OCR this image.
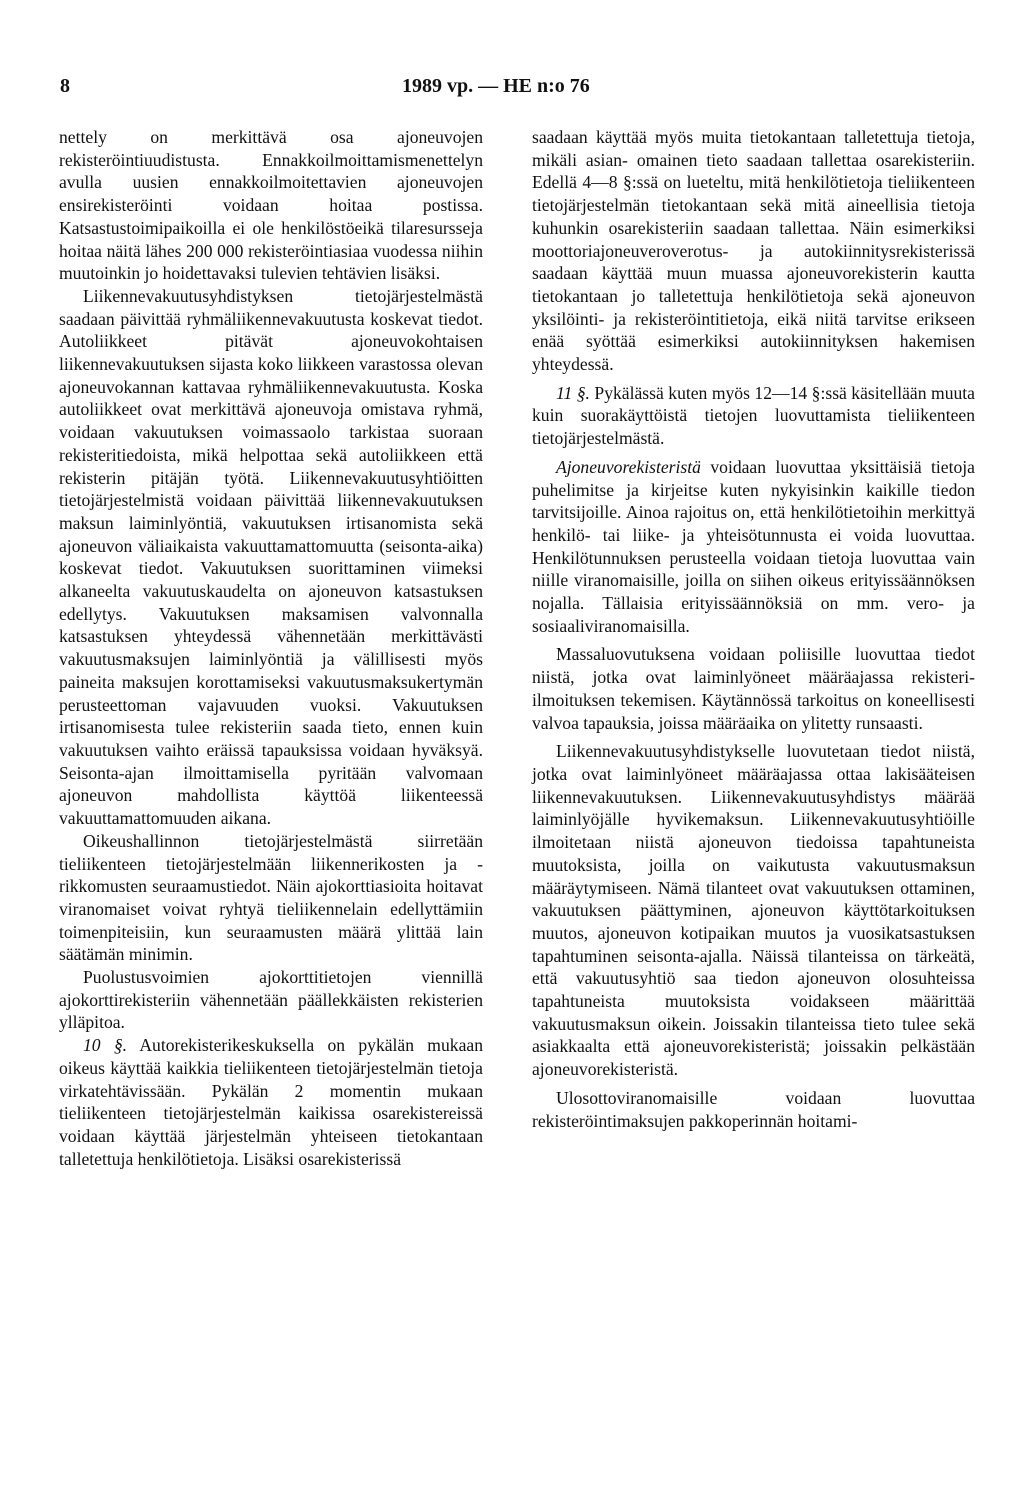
8	1989 vp. — HE n:o 76

nettely on merkittävä osa ajoneuvojen rekisteröintiuudistusta. Ennakkoilmoittamismenettelyn avulla uusien ennakkoilmoitettavien ajoneuvojen ensirekisteröinti voidaan hoitaa postissa. Katsastustoimipaikoilla ei ole henkilöstöeikä tilaresursseja hoitaa näitä lähes 200 000 rekisteröintiasiaa vuodessa niihin muutoinkin jo hoidettavaksi tulevien tehtävien lisäksi.

Liikennevakuutusyhdistyksen tietojärjestelmästä saadaan päivittää ryhmäliikennevakuutusta koskevat tiedot. Autoliikkeet pitävät ajoneuvokohtaisen liikennevakuutuksen sijasta koko liikkeen varastossa olevan ajoneuvokannan kattavaa ryhmäliikennevakuutusta. Koska autoliikkeet ovat merkittävä ajoneuvoja omistava ryhmä, voidaan vakuutuksen voimassaolo tarkistaa suoraan rekisteritiedoista, mikä helpottaa sekä autoliikkeen että rekisterin pitäjän työtä. Liikennevakuutusyhtiöitten tietojärjestelmistä voidaan päivittää liikennevakuutuksen maksun laiminlyöntiä, vakuutuksen irtisanomista sekä ajoneuvon väliaikaista vakuuttamattomuutta (seisonta-aika) koskevat tiedot. Vakuutuksen suorittaminen viimeksi alkaneelta vakuutuskaudelta on ajoneuvon katsastuksen edellytys. Vakuutuksen maksamisen valvonnalla katsastuksen yhteydessä vähennetään merkittävästi vakuutusmaksujen laiminlyöntiä ja välillisesti myös paineita maksujen korottamiseksi vakuutusmaksukertymän perusteettoman vajavuuden vuoksi. Vakuutuksen irtisanomisesta tulee rekisteriin saada tieto, ennen kuin vakuutuksen vaihto eräissä tapauksissa voidaan hyväksyä. Seisonta-ajan ilmoittamisella pyritään valvomaan ajoneuvon mahdollista käyttöä liikenteessä vakuuttamattomuuden aikana.

Oikeushallinnon tietojärjestelmästä siirretään tieliikenteen tietojärjestelmään liikennerikosten ja -rikkomusten seuraamustiedot. Näin ajokorttiasioita hoitavat viranomaiset voivat ryhtyä tieliikennelain edellyttämiin toimenpiteisiin, kun seuraamusten määrä ylittää lain säätämän minimin.

Puolustusvoimien ajokorttitietojen viennillä ajokorttirekisteriin vähennetään päällekkäisten rekisterien ylläpitoa.

10 §. Autorekisterikeskuksella on pykälän mukaan oikeus käyttää kaikkia tieliikenteen tietojärjestelmän tietoja virkatehtävissään. Pykälän 2 momentin mukaan tieliikenteen tietojärjestelmän kaikissa osarekistereissä voidaan käyttää järjestelmän yhteiseen tietokantaan talletettuja henkilötietoja. Lisäksi osarekisterissä

saadaan käyttää myös muita tietokantaan talletettuja tietoja, mikäli asian- omainen tieto saadaan tallettaa osarekisteriin. Edellä 4—8 §:ssä on lueteltu, mitä henkilötietoja tieliikenteen tietojärjestelmän tietokantaan sekä mitä aineellisia tietoja kuhunkin osarekisteriin saadaan tallettaa. Näin esimerkiksi moottoriajoneuveroverotus- ja autokiinnitysrekisterissä saadaan käyttää muun muassa ajoneuvorekisterin kautta tietokantaan jo talletettuja henkilötietoja sekä ajoneuvon yksilöinti- ja rekisteröintitietoja, eikä niitä tarvitse erikseen enää syöttää esimerkiksi autokiinnityksen hakemisen yhteydessä.

11 §. Pykälässä kuten myös 12—14 §:ssä käsitellään muuta kuin suorakäyttöistä tietojen luovuttamista tieliikenteen tietojärjestelmästä.

Ajoneuvorekisteristä voidaan luovuttaa yksittäisiä tietoja puhelimitse ja kirjeitse kuten nykyisinkin kaikille tiedon tarvitsijoille. Ainoa rajoitus on, että henkilötietoihin merkittyä henkilö- tai liike- ja yhteisötunnusta ei voida luovuttaa. Henkilötunnuksen perusteella voidaan tietoja luovuttaa vain niille viranomaisille, joilla on siihen oikeus erityissäännöksen nojalla. Tällaisia erityissäännöksiä on mm. vero- ja sosiaaliviranomaisilla.

Massaluovutuksena voidaan poliisille luovuttaa tiedot niistä, jotka ovat laiminlyöneet määräajassa rekisteri-ilmoituksen tekemisen. Käytännössä tarkoitus on koneellisesti valvoa tapauksia, joissa määräaika on ylitetty runsaasti.

Liikennevakuutusyhdistykselle luovutetaan tiedot niistä, jotka ovat laiminlyöneet määräajassa ottaa lakisääteisen liikennevakuutuksen. Liikennevakuutusyhdistys määrää laiminlyöjälle hyvikemaksun. Liikennevakuutusyhtiöille ilmoitetaan niistä ajoneuvon tiedoissa tapahtuneista muutoksista, joilla on vaikutusta vakuutusmaksun määräytymiseen. Nämä tilanteet ovat vakuutuksen ottaminen, vakuutuksen päättyminen, ajoneuvon käyttötarkoituksen muutos, ajoneuvon kotipaikan muutos ja vuosikatsastuksen tapahtuminen seisonta-ajalla. Näissä tilanteissa on tärkeätä, että vakuutusyhtiö saa tiedon ajoneuvon olosuhteissa tapahtuneista muutoksista voidakseen määrittää vakuutusmaksun oikein. Joissakin tilanteissa tieto tulee sekä asiakkaalta että ajoneuvorekisteristä; joissakin pelkästään ajoneuvorekisteristä.

Ulosottoviranomaisille voidaan luovuttaa rekisteröintimaksujen pakkoperinnän hoitami-
